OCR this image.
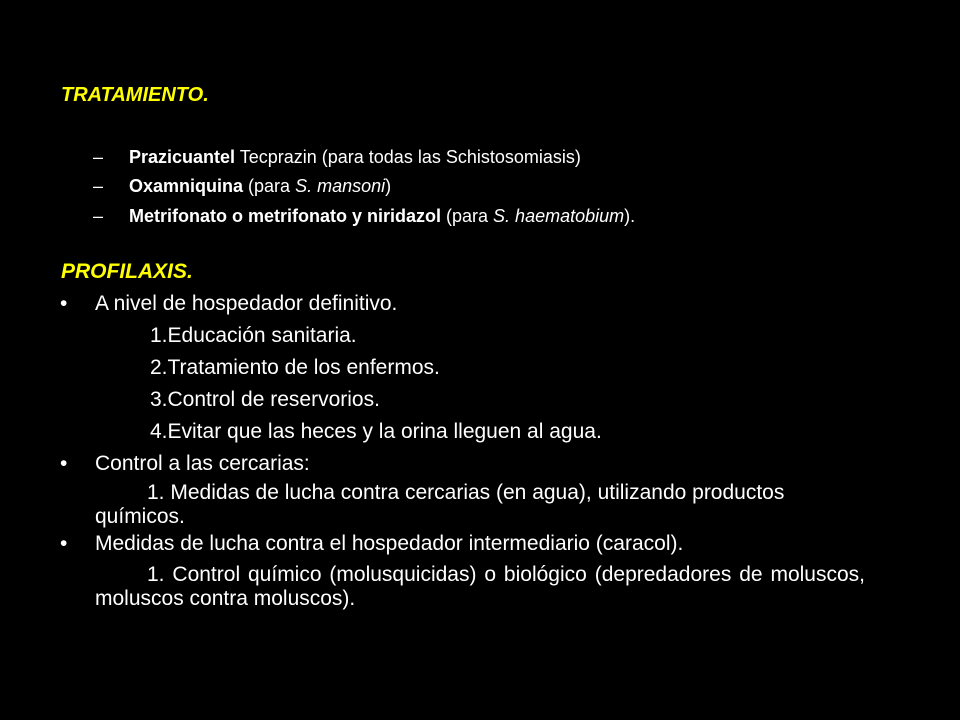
TRATAMIENTO.
– Prazicuantel Tecprazin (para todas las Schistosomiasis)
– Oxamniquina (para S. mansoni)
– Metrifonato o metrifonato y niridazol (para S. haematobium).
PROFILAXIS.
• A nivel de hospedador definitivo.
1.Educación sanitaria.
2.Tratamiento de los enfermos.
3.Control de reservorios.
4.Evitar que las heces y la orina lleguen al agua.
• Control a las cercarias:
1. Medidas de lucha contra cercarias (en agua), utilizando productos químicos.
• Medidas de lucha contra el hospedador intermediario (caracol).
1. Control químico (molusquicidas) o biológico (depredadores de moluscos, moluscos contra moluscos).
